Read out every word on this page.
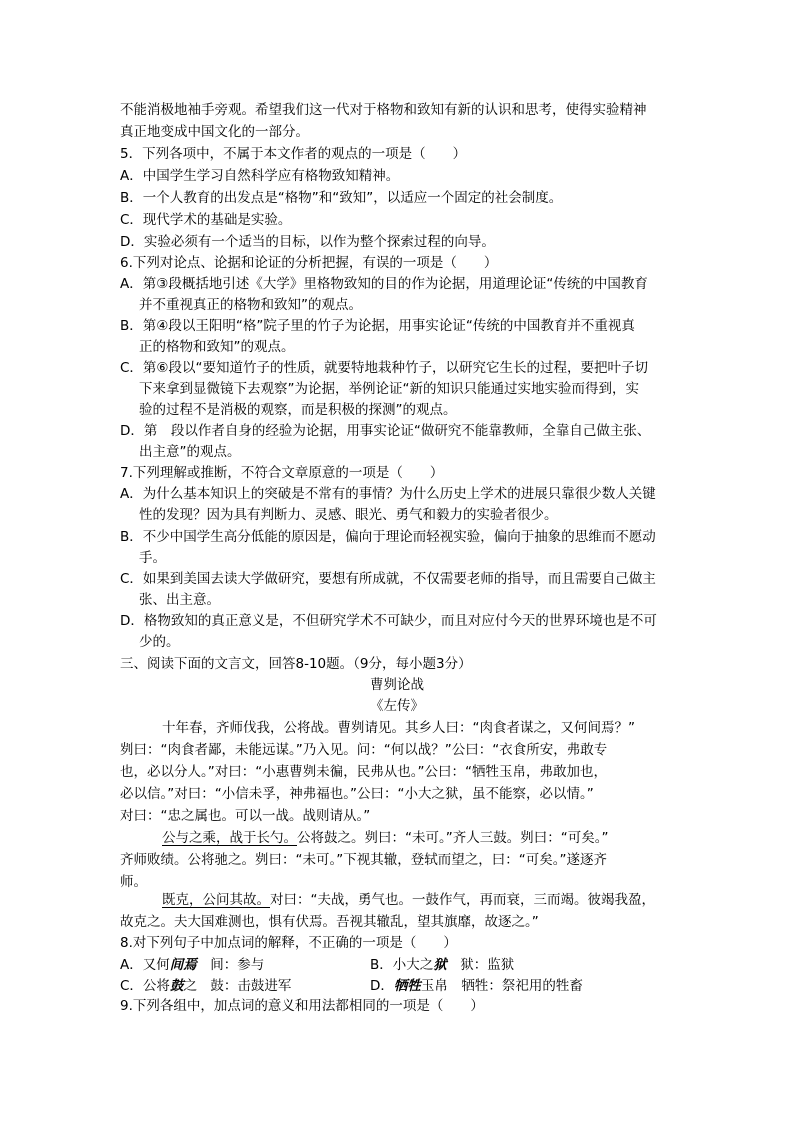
不能消极地袖手旁观。希望我们这一代对于格物和致知有新的认识和思考，使得实验精神
真正地变成中国文化的一部分。
5．下列各项中，不属于本文作者的观点的一项是（　　）
A．中国学生学习自然科学应有格物致知精神。
B．一个人教育的出发点是“格物”和“致知”，以适应一个固定的社会制度。
C．现代学术的基础是实验。
D．实验必须有一个适当的目标，以作为整个探索过程的向导。
6.下列对论点、论据和论证的分析把握，有误的一项是（　　）
A．第③段概括地引述《大学》里格物致知的目的作为论据，用道理论证“传统的中国教育
并不重视真正的格物和致知”的观点。
B．第④段以王阳明“格”院子里的竹子为论据，用事实论证“传统的中国教育并不重视真
正的格物和致知”的观点。
C．第⑥段以“要知道竹子的性质，就要特地栽种竹子，以研究它生长的过程，要把叶子切
下来拿到显微镜下去观察”为论据，举例论证“新的知识只能通过实地实验而得到，实
验的过程不是消极的观察，而是积极的探测”的观点。
D．第　段以作者自身的经验为论据，用事实论证“做研究不能靠教师，全靠自己做主张、
出主意”的观点。
7.下列理解或推断，不符合文章原意的一项是（　　）
A．为什么基本知识上的突破是不常有的事情？为什么历史上学术的进展只靠很少数人关键
性的发现？因为具有判断力、灵感、眼光、勇气和毅力的实验者很少。
B．不少中国学生高分低能的原因是，偏向于理论而轻视实验，偏向于抽象的思维而不愿动
手。
C．如果到美国去读大学做研究，要想有所成就，不仅需要老师的指导，而且需要自己做主
张、出主意。
D．格物致知的真正意义是，不但研究学术不可缺少，而且对应付今天的世界环境也是不可
少的。
三、阅读下面的文言文，回答8-10题。（9分，每小题3分）
曹刿论战
《左传》
十年春，齐师伐我，公将战。曹刿请见。其乡人曰：“肉食者谋之，又何间焉？”
刿曰：“肉食者鄙，未能远谋。”乃入见。问：“何以战？”公曰：“衣食所安，弗敢专
也，必以分人。”对曰：“小惠曹刿未徧，民弗从也。”公曰：“牺牲玉帛，弗敢加也，
必以信。”对曰：“小信未孚，神弗福也。”公曰：“小大之狱，虽不能察，必以情。”
对曰：“忠之属也。可以一战。战则请从。”
公与之乘，战于长勺。公将鼓之。刿曰：“未可。”齐人三鼓。刿曰：“可矣。”
齐师败绩。公将驰之。刿曰：“未可。”下视其辙，登轼而望之，曰：“可矣。”遂逐齐
师。
既克，公问其故。对曰：“夫战，勇气也。一鼓作气，再而衰，三而竭。彼竭我盈，
故克之。夫大国难测也，惧有伏焉。吾视其辙乱，望其旗靡，故逐之。”
8.对下列句子中加点词的解释，不正确的一项是（　　）
A．又何间焉　间：参与	B．小大之狱　狱：监狱
C．公将鼓之　鼓：击鼓进军	D．牺牲玉帛　牺牲：祭祀用的牲畜
9.下列各组中，加点词的意义和用法都相同的一项是（　　）
